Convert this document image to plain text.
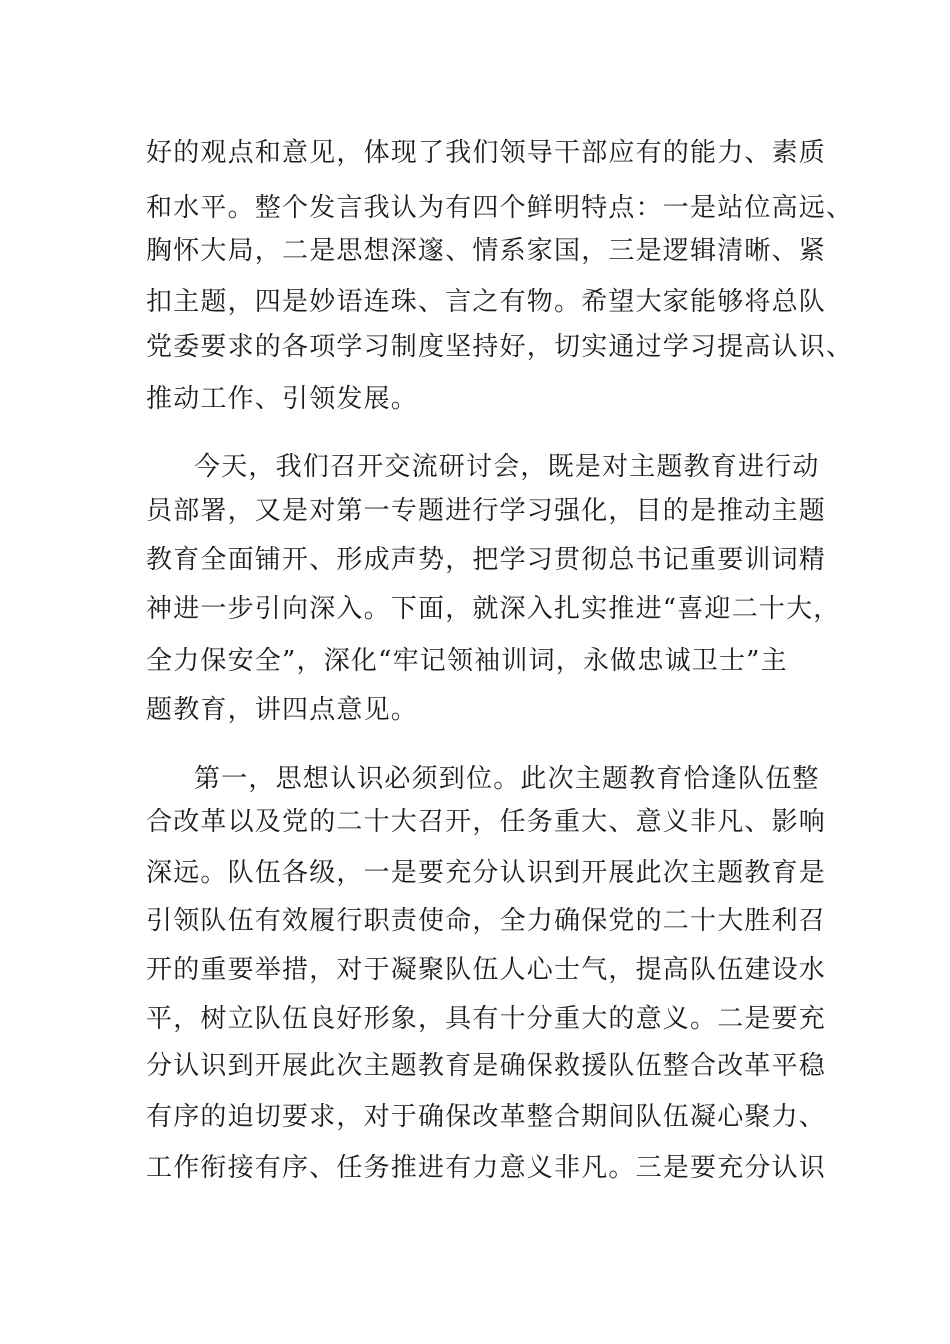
好的观点和意见，体现了我们领导干部应有的能力、素质
和水平。整个发言我认为有四个鲜明特点：一是站位高远、
胸怀大局，二是思想深邃、情系家国，三是逻辑清晰、紧
扣主题，四是妙语连珠、言之有物。希望大家能够将总队
党委要求的各项学习制度坚持好，切实通过学习提高认识、
推动工作、引领发展。
今天，我们召开交流研讨会，既是对主题教育进行动
员部署，又是对第一专题进行学习强化，目的是推动主题
教育全面铺开、形成声势，把学习贯彻总书记重要训词精
神进一步引向深入。下面，就深入扎实推进“喜迎二十大，
全力保安全”，深化“牢记领袖训词，永做忠诚卫士”主
题教育，讲四点意见。
第一，思想认识必须到位。此次主题教育恰逢队伍整
合改革以及党的二十大召开，任务重大、意义非凡、影响
深远。队伍各级，一是要充分认识到开展此次主题教育是
引领队伍有效履行职责使命，全力确保党的二十大胜利召
开的重要举措，对于凝聚队伍人心士气，提高队伍建设水
平，树立队伍良好形象，具有十分重大的意义。二是要充
分认识到开展此次主题教育是确保救援队伍整合改革平稳
有序的迫切要求，对于确保改革整合期间队伍凝心聚力、
工作衔接有序、任务推进有力意义非凡。三是要充分认识
